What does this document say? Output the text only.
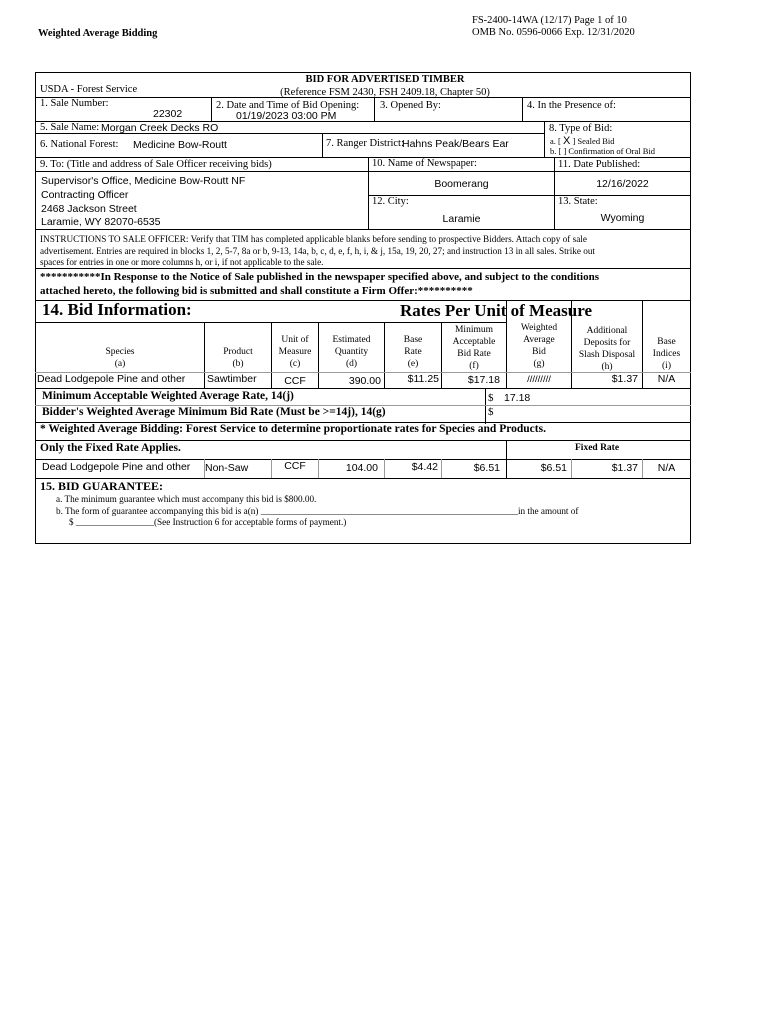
Weighted Average Bidding
FS-2400-14WA (12/17) Page 1 of 10
OMB No. 0596-0066 Exp. 12/31/2020
USDA - Forest Service
BID FOR ADVERTISED TIMBER
(Reference FSM 2430, FSH 2409.18, Chapter 50)
1. Sale Number:
22302
2. Date and Time of Bid Opening:
01/19/2023 03:00 PM
3. Opened By:	4. In the Presence of:
5. Sale Name: Morgan Creek Decks RO	8. Type of Bid:
a. [ X ] Sealed Bid
b. [ ] Confirmation of Oral Bid
6. National Forest: Medicine Bow-Routt	7. Ranger District:
Hahns Peak/Bears Ear
9. To: (Title and address of Sale Officer receiving bids)	10. Name of Newspaper:	11. Date Published:
Supervisor's Office, Medicine Bow-Routt NF
Contracting Officer
2468 Jackson Street
Laramie, WY 82070-6535
Boomerang	12/16/2022
12. City:	13. State:
Laramie	Wyoming
INSTRUCTIONS TO SALE OFFICER: Verify that TIM has completed applicable blanks before sending to prospective Bidders. Attach copy of sale
advertisement. Entries are required in blocks 1, 2, 5-7, 8a or b, 9-13, 14a, b, c, d, e, f, h, i, & j, 15a, 19, 20, 27; and instruction 13 in all sales. Strike out
spaces for entries in one or more columns h, or i, if not applicable to the sale.
***********In Response to the Notice of Sale published in the newspaper specified above, and subject to the conditions
attached hereto, the following bid is submitted and shall constitute a Firm Offer:**********
14. Bid Information:	Rates Per Unit of Measure
Species
(a)
Product
(b)
Unit of
Measure
(c)
Estimated
Quantity
(d)
Base
Rate
(e)
Minimum
Acceptable
Bid Rate
(f)
Weighted
Average
Bid
(g)
Additional
Deposits for
Slash Disposal
(h)
Base
Indices
(i)
Dead Lodgepole Pine and other Sawtimber	CCF	390.00	$11.25	$17.18	/////////	$1.37	N/A
Minimum Acceptable Weighted Average Rate, 14(j)	$ 17.18
Bidder's Weighted Average Minimum Bid Rate (Must be >=14j), 14(g)	$
* Weighted Average Bidding: Forest Service to determine proportionate rates for Species and Products.
Only the Fixed Rate Applies.	Fixed Rate
Dead Lodgepole Pine and other Non-Saw	CCF	104.00	$4.42	$6.51	$6.51	$1.37	N/A
15. BID GUARANTEE:
a. The minimum guarantee which must accompany this bid is $800.00.
b. The form of guarantee accompanying this bid is a(n) ________________________________________________________in the amount of
$ _________________(See Instruction 6 for acceptable forms of payment.)
